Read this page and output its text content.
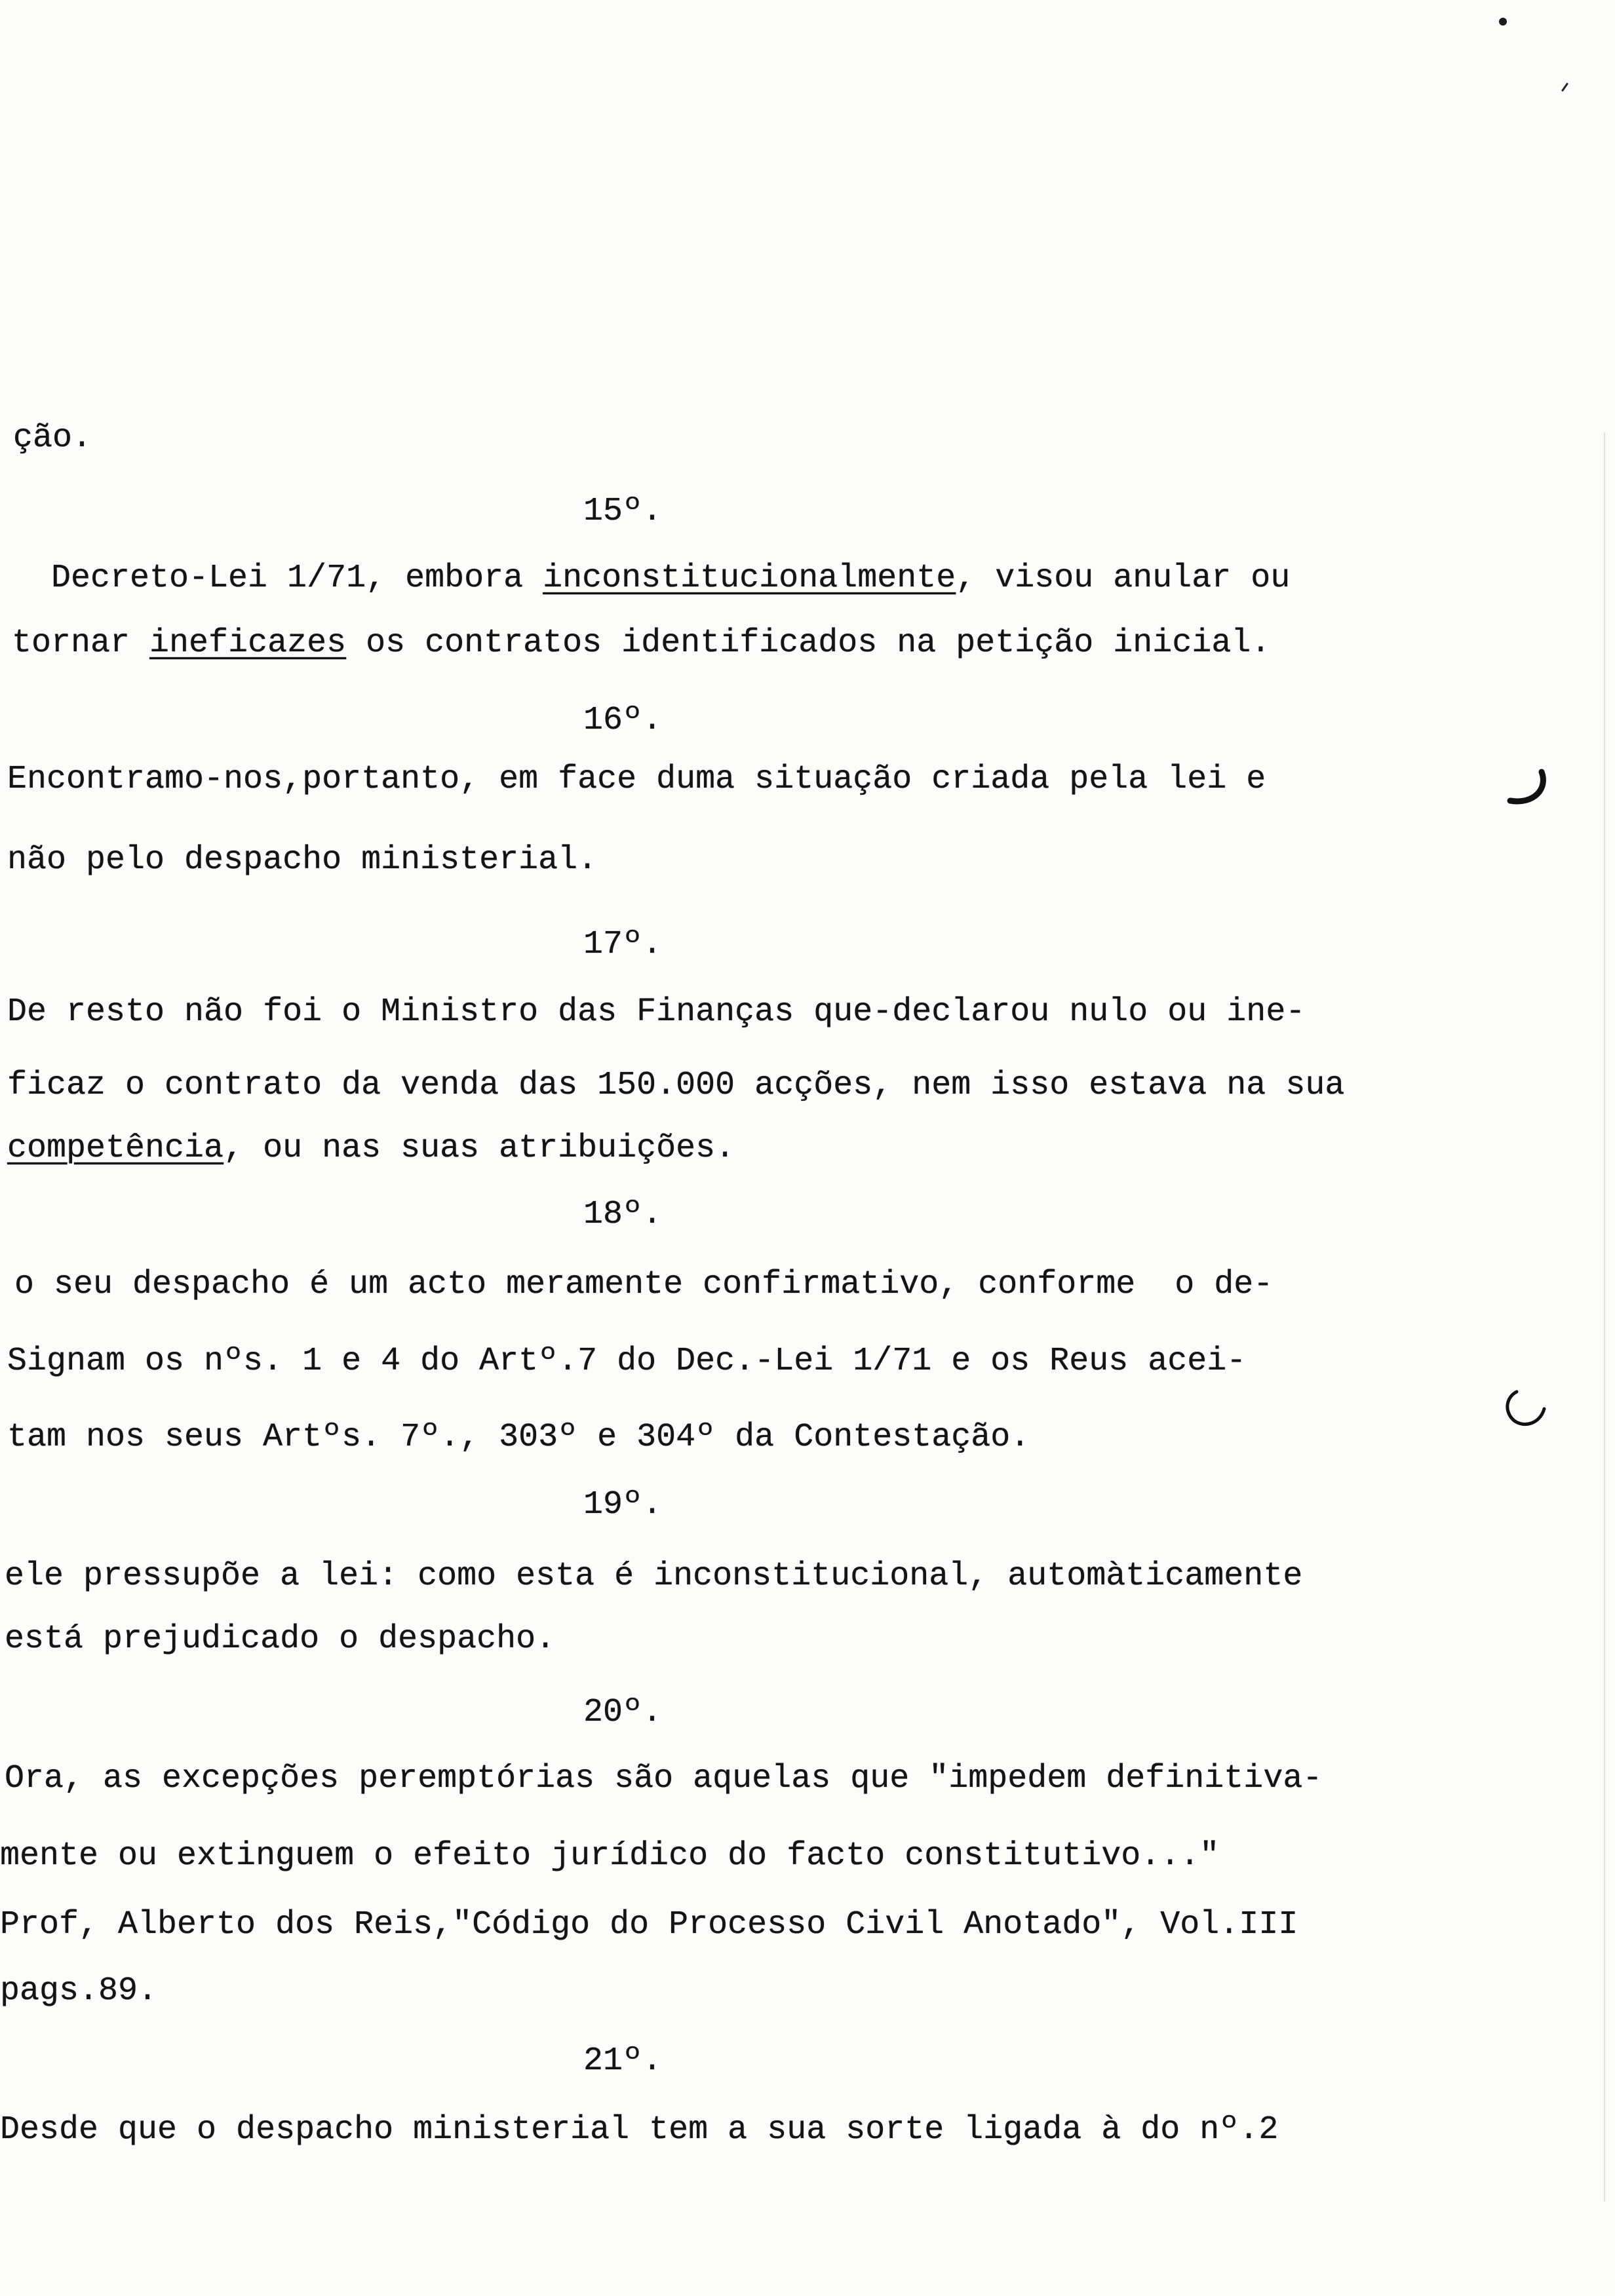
ção.
15º.
Decreto-Lei 1/71, embora inconstitucionalmente, visou anular ou
tornar ineficazes os contratos identificados na petição inicial.
16º.
Encontramo-nos,portanto, em face duma situação criada pela lei e
não pelo despacho ministerial.
17º.
De resto não foi o Ministro das Finanças que-declarou nulo ou ine-
ficaz o contrato da venda das 150.000 acções, nem isso estava na sua
competência, ou nas suas atribuições.
18º.
o seu despacho é um acto meramente confirmativo, conforme  o de-
Signam os nºs. 1 e 4 do Artº.7 do Dec.-Lei 1/71 e os Reus acei-
tam nos seus Artºs. 7º., 303º e 304º da Contestação.
19º.
ele pressupõe a lei: como esta é inconstitucional, automàticamente
está prejudicado o despacho.
20º.
Ora, as excepções peremptórias são aquelas que "impedem definitiva-
mente ou extinguem o efeito jurídico do facto constitutivo..."
Prof, Alberto dos Reis,"Código do Processo Civil Anotado", Vol.III
pags.89.
21º.
Desde que o despacho ministerial tem a sua sorte ligada à do nº.2
